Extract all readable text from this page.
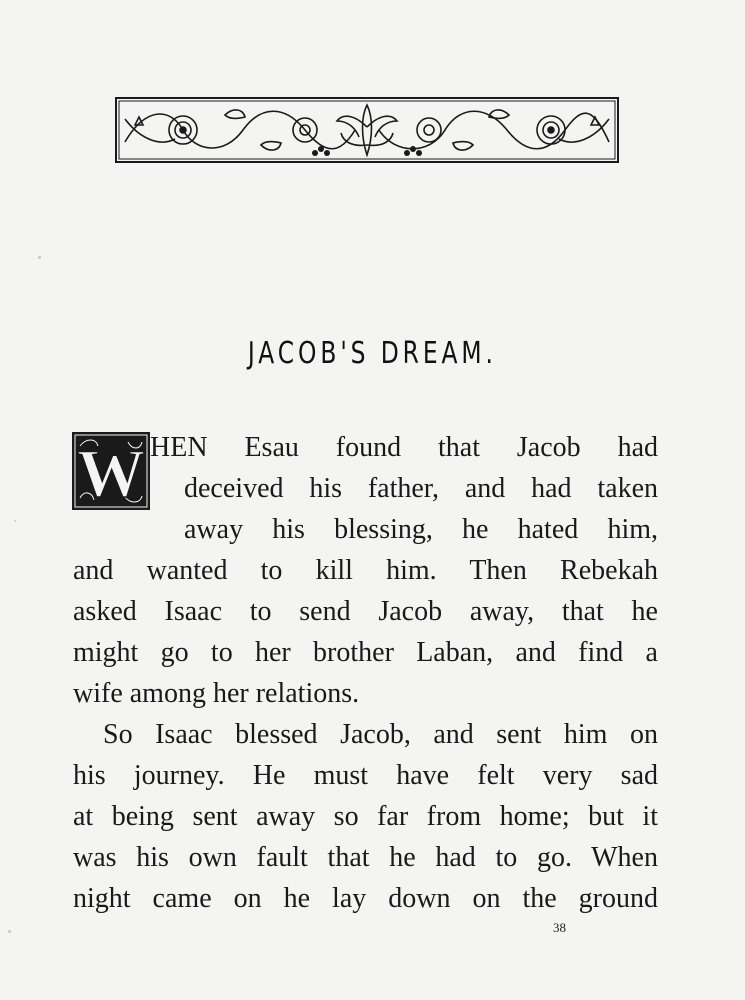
JACOB'S DREAM.
W HEN Esau found that Jacob had
deceived his father, and had taken
away his blessing, he hated him,
and wanted to kill him. Then Rebekah
asked Isaac to send Jacob away, that he
might go to her brother Laban, and find a
wife among her relations.
So Isaac blessed Jacob, and sent him on
his journey. He must have felt very sad
at being sent away so far from home; but it
was his own fault that he had to go. When
night came on he lay down on the ground
38
